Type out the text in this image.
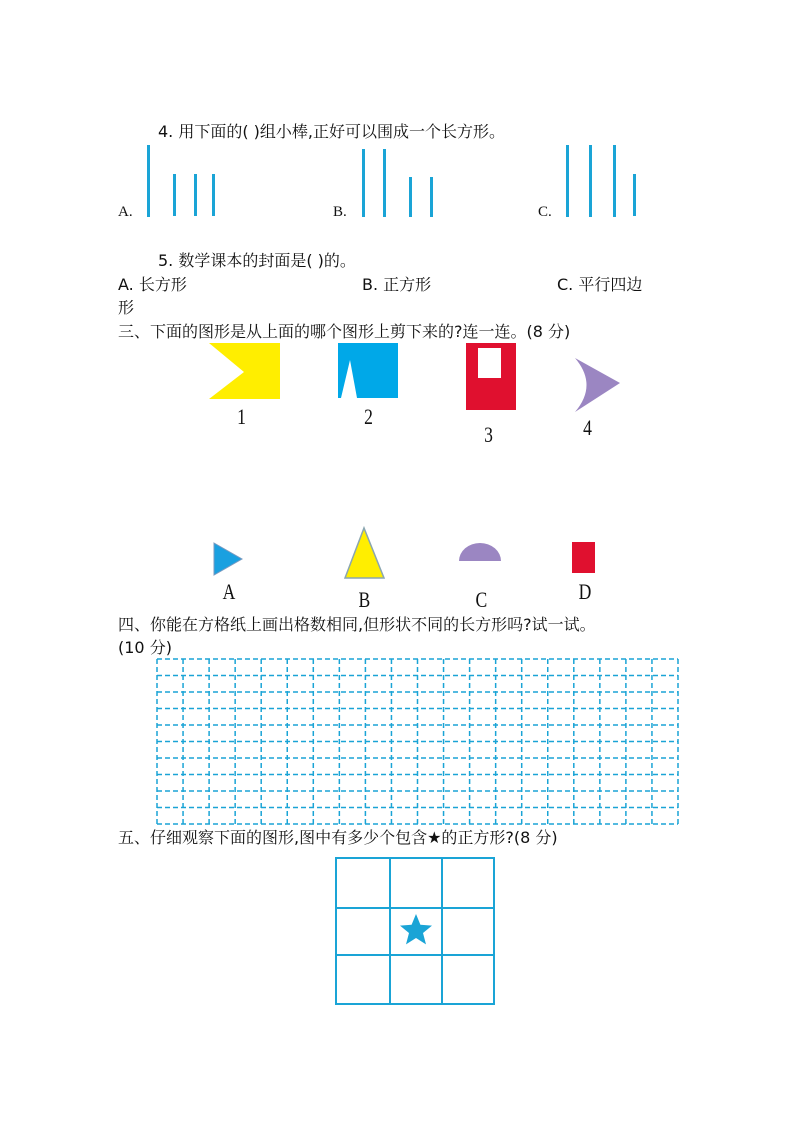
4. 用下面的( )组小棒,正好可以围成一个长方形。
A.	B.	C.
5. 数学课本的封面是( )的。
A. 长方形	B. 正方形	C. 平行四边
形
三、下面的图形是从上面的哪个图形上剪下来的?连一连。(8 分)
1	2
3	4
A	B	C	D
四、你能在方格纸上画出格数相同,但形状不同的长方形吗?试一试。
(10 分)
五、仔细观察下面的图形,图中有多少个包含★的正方形?(8 分)
